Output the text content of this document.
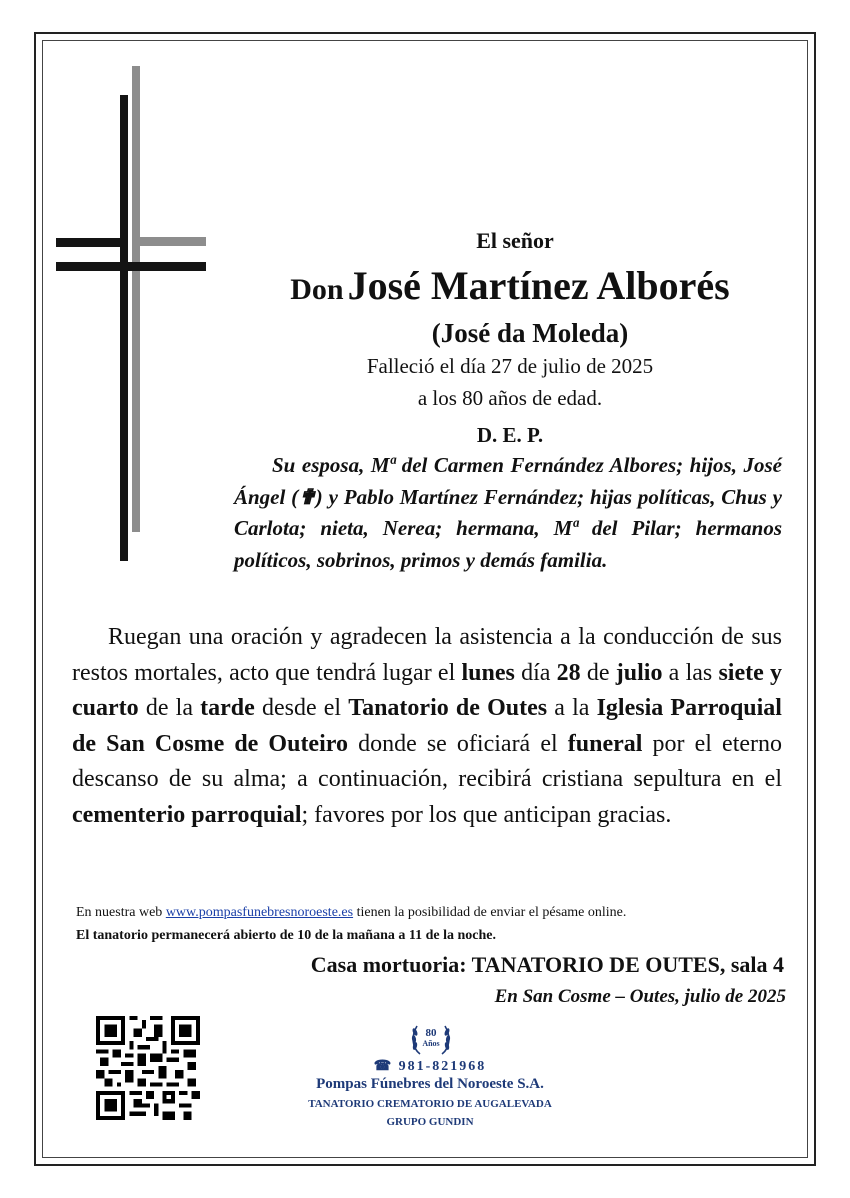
El señor
Don José Martínez Alborés
(José da Moleda)
Falleció el día 27 de julio de 2025
a los 80 años de edad.
D. E. P.

Su esposa, Mª del Carmen Fernández Albores; hijos, José Ángel (✟) y Pablo Martínez Fernández; hijas políticas, Chus y Carlota; nieta, Nerea; hermana, Mª del Pilar; hermanos políticos, sobrinos, primos y demás familia.

Ruegan una oración y agradecen la asistencia a la conducción de sus restos mortales, acto que tendrá lugar el lunes día 28 de julio a las siete y cuarto de la tarde desde el Tanatorio de Outes a la Iglesia Parroquial de San Cosme de Outeiro donde se oficiará el funeral por el eterno descanso de su alma; a continuación, recibirá cristiana sepultura en el cementerio parroquial; favores por los que anticipan gracias.

En nuestra web www.pompasfunebresnoroeste.es tienen la posibilidad de enviar el pésame online.
El tanatorio permanecerá abierto de 10 de la mañana a 11 de la noche.
Casa mortuoria: TANATORIO DE OUTES, sala 4
En San Cosme – Outes, julio de 2025
80
Años
☎ 981-821968
Pompas Fúnebres del Noroeste S.A.
TANATORIO CREMATORIO DE AUGALEVADA
GRUPO GUNDIN
